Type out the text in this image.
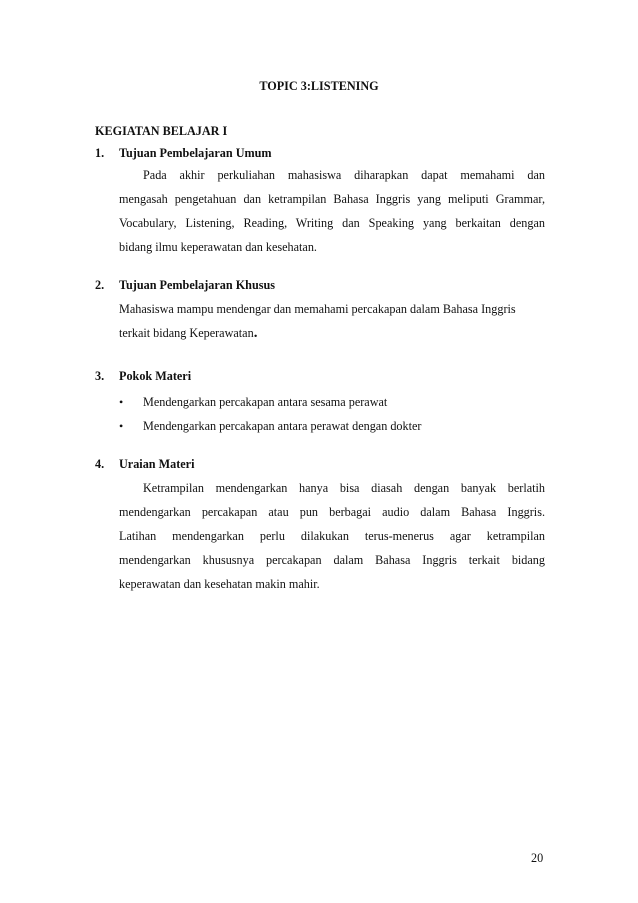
TOPIC 3:LISTENING
KEGIATAN BELAJAR I
1. Tujuan Pembelajaran Umum
Pada akhir perkuliahan mahasiswa diharapkan dapat memahami dan
mengasah pengetahuan dan ketrampilan Bahasa Inggris yang meliputi Grammar,
Vocabulary, Listening, Reading, Writing dan Speaking yang berkaitan dengan
bidang ilmu keperawatan dan kesehatan.
2. Tujuan Pembelajaran Khusus
Mahasiswa mampu mendengar dan memahami percakapan dalam Bahasa Inggris
terkait bidang Keperawatan.
3. Pokok Materi
•	Mendengarkan percakapan antara sesama perawat
•	Mendengarkan percakapan antara perawat dengan dokter
4. Uraian Materi
Ketrampilan mendengarkan hanya bisa diasah dengan banyak berlatih
mendengarkan percakapan atau pun berbagai audio dalam Bahasa Inggris.
Latihan mendengarkan perlu dilakukan terus-menerus agar ketrampilan
mendengarkan khususnya percakapan dalam Bahasa Inggris terkait bidang
keperawatan dan kesehatan makin mahir.
20
